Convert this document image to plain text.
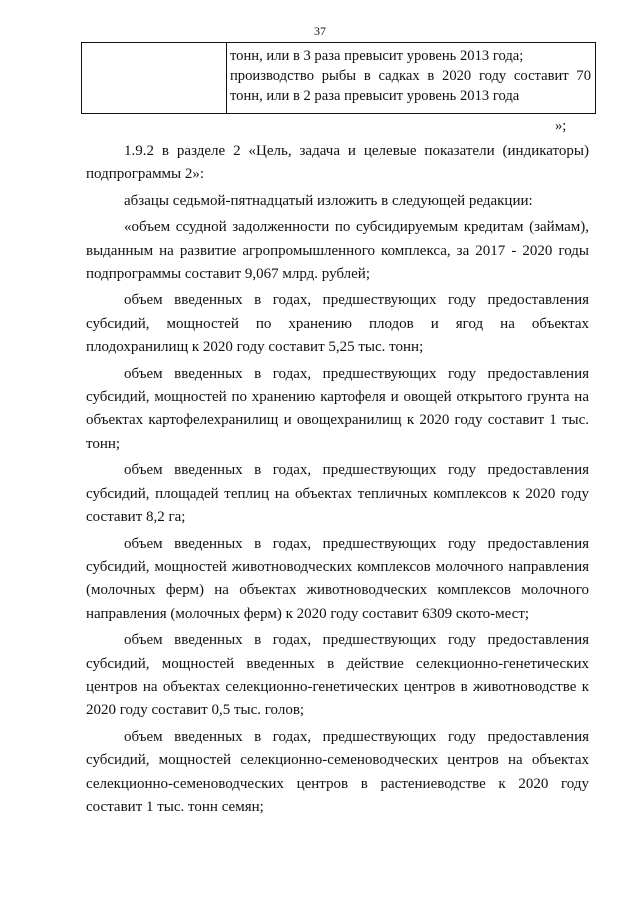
37
тонн, или в 3 раза превысит уровень 2013 года;
производство рыбы в садках в 2020 году составит 70
тонн, или в 2 раза превысит уровень 2013 года
»;

1.9.2 в разделе 2 «Цель, задача и целевые показатели (индикаторы)
подпрограммы 2»:

абзацы седьмой-пятнадцатый изложить в следующей редакции:

«объем ссудной задолженности по субсидируемым кредитам (займам),
выданным на развитие агропромышленного комплекса, за 2017 - 2020 годы
подпрограммы составит 9,067 млрд. рублей;

объем введенных в годах, предшествующих году предоставления
субсидий, мощностей по хранению плодов и ягод на объектах
плодохранилищ к 2020 году составит 5,25 тыс. тонн;

объем введенных в годах, предшествующих году предоставления
субсидий, мощностей по хранению картофеля и овощей открытого грунта на
объектах картофелехранилищ и овощехранилищ к 2020 году составит 1 тыс.
тонн;

объем введенных в годах, предшествующих году предоставления
субсидий, площадей теплиц на объектах тепличных комплексов к 2020 году
составит 8,2 га;

объем введенных в годах, предшествующих году предоставления
субсидий, мощностей животноводческих комплексов молочного направления
(молочных ферм) на объектах животноводческих комплексов молочного
направления (молочных ферм) к 2020 году составит 6309 ското-мест;

объем введенных в годах, предшествующих году предоставления
субсидий, мощностей введенных в действие селекционно-генетических
центров на объектах селекционно-генетических центров в животноводстве к
2020 году составит 0,5 тыс. голов;

объем введенных в годах, предшествующих году предоставления
субсидий, мощностей селекционно-семеноводческих центров на объектах
селекционно-семеноводческих центров в растениеводстве к 2020 году
составит 1 тыс. тонн семян;
